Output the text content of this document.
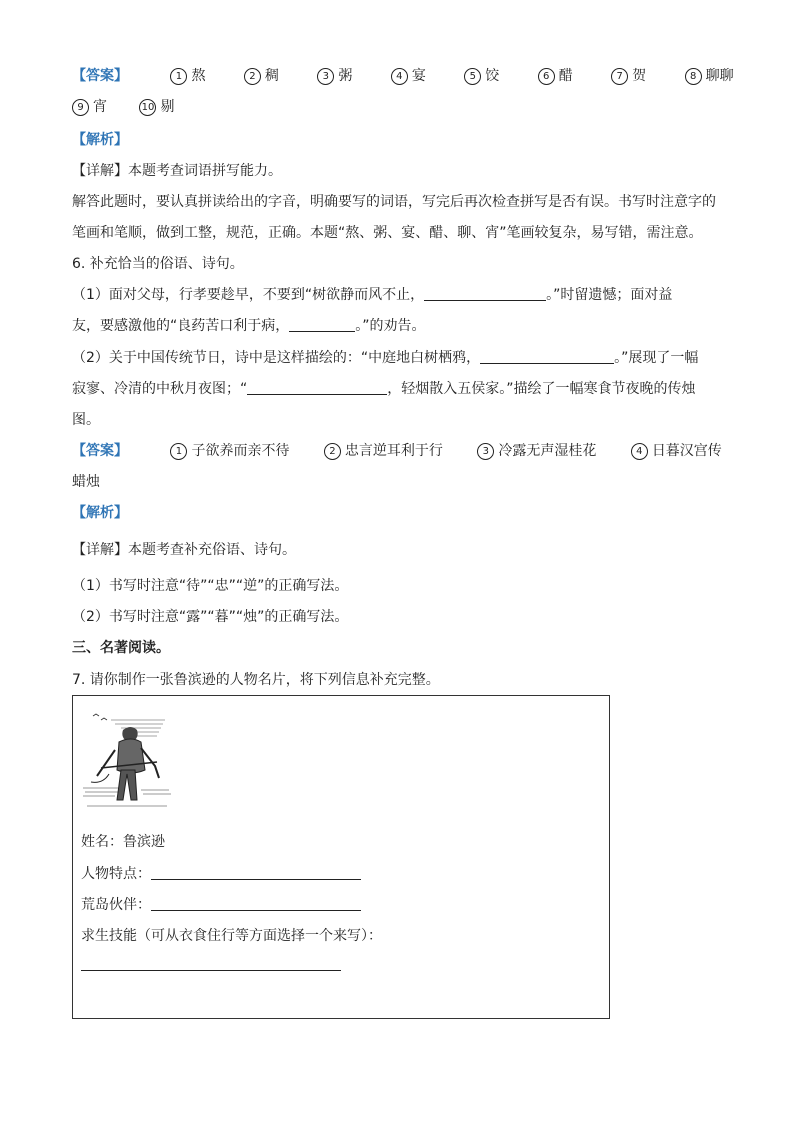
【答案】	1 熬	2 稠	3 粥	4 宴	5 饺	6 醋	7 贺	8 聊聊
9 宵	10 剔
【解析】
【详解】本题考查词语拼写能力。
解答此题时，要认真拼读给出的字音，明确要写的词语，写完后再次检查拼写是否有误。书写时注意字的
笔画和笔顺，做到工整，规范，正确。本题“熬、粥、宴、醋、聊、宵”笔画较复杂，易写错，需注意。
6. 补充恰当的俗语、诗句。
（1）面对父母，行孝要趁早，不要到“树欲静而风不止，	。”时留遗憾；面对益
友，要感激他的“良药苦口利于病，	。”的劝告。
（2）关于中国传统节日，诗中是这样描绘的：“中庭地白树栖鸦，	。”展现了一幅
寂寥、冷清的中秋月夜图；“	，轻烟散入五侯家。”描绘了一幅寒食节夜晚的传烛
图。
【答案】	1 子欲养而亲不待	2 忠言逆耳利于行	3 冷露无声湿桂花	4 日暮汉宫传
蜡烛
【解析】
【详解】本题考查补充俗语、诗句。
（1）书写时注意“待”“忠”“逆”的正确写法。
（2）书写时注意“露”“暮”“烛”的正确写法。
三、名著阅读。
7. 请你制作一张鲁滨逊的人物名片，将下列信息补充完整。
姓名：鲁滨逊
人物特点：
荒岛伙伴：
求生技能（可从衣食住行等方面选择一个来写）：
